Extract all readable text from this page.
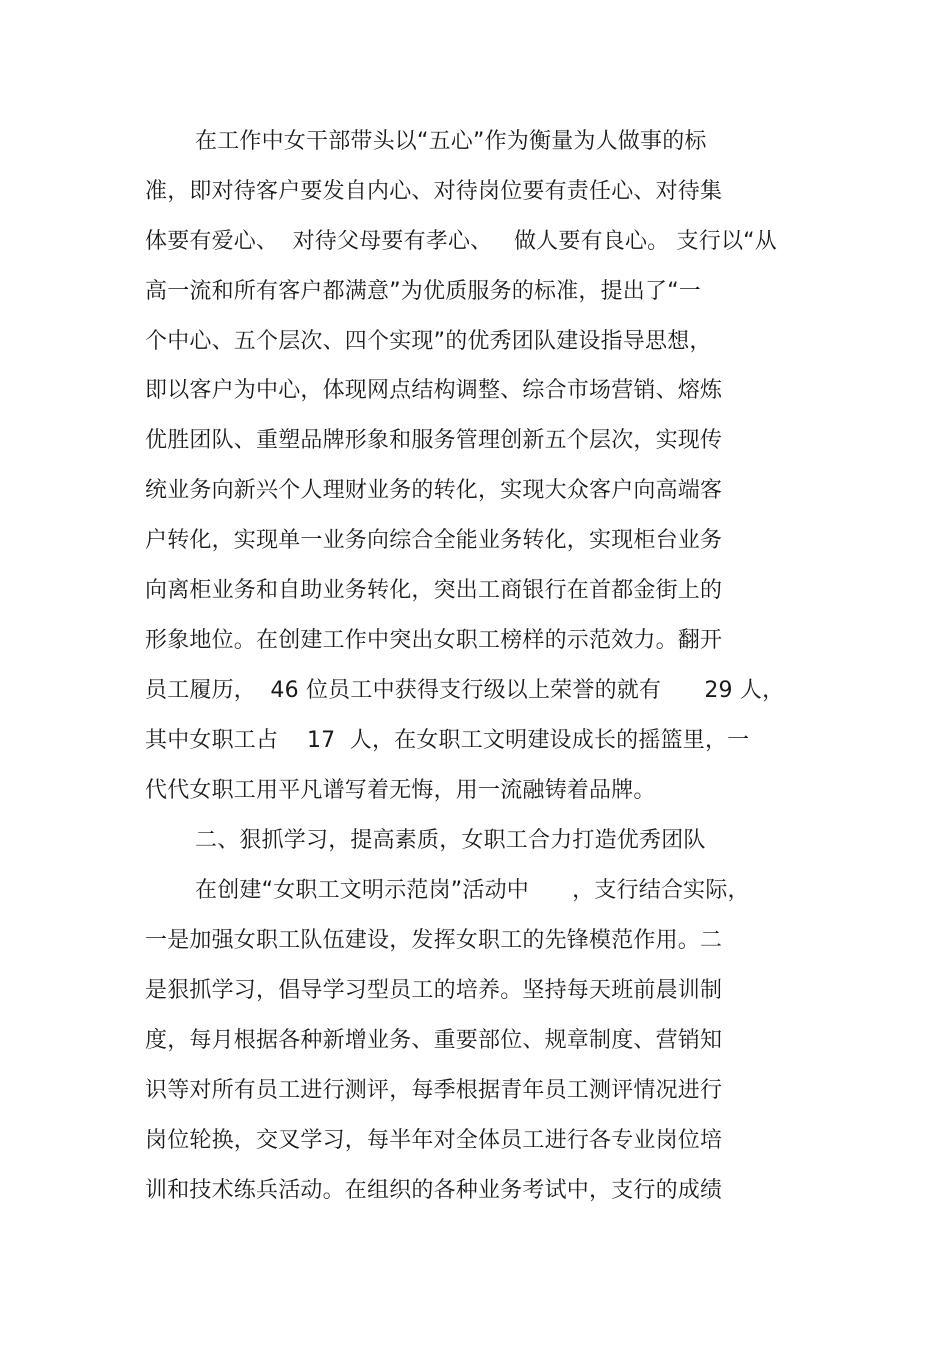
在工作中女干部带头以“五心”作为衡量为人做事的标
准，即对待客户要发自内心、对待岗位要有责任心、对待集
体要有爱心、  对待父母要有孝心、   做人要有良心。 支行以“从
高一流和所有客户都满意”为优质服务的标准，提出了“一
个中心、五个层次、四个实现”的优秀团队建设指导思想，
即以客户为中心，体现网点结构调整、综合市场营销、熔炼
优胜团队、重塑品牌形象和服务管理创新五个层次，实现传
统业务向新兴个人理财业务的转化，实现大众客户向高端客
户转化，实现单一业务向综合全能业务转化，实现柜台业务
向离柜业务和自助业务转化，突出工商银行在首都金街上的
形象地位。在创建工作中突出女职工榜样的示范效力。翻开
员工履历，  46 位员工中获得支行级以上荣誉的就有      29 人，
其中女职工占    17  人，在女职工文明建设成长的摇篮里，一
代代女职工用平凡谱写着无悔，用一流融铸着品牌。
二、狠抓学习，提高素质，女职工合力打造优秀团队
在创建“女职工文明示范岗”活动中      ，支行结合实际，
一是加强女职工队伍建设，发挥女职工的先锋模范作用。二
是狠抓学习，倡导学习型员工的培养。坚持每天班前晨训制
度，每月根据各种新增业务、重要部位、规章制度、营销知
识等对所有员工进行测评，每季根据青年员工测评情况进行
岗位轮换，交叉学习，每半年对全体员工进行各专业岗位培
训和技术练兵活动。在组织的各种业务考试中，支行的成绩
